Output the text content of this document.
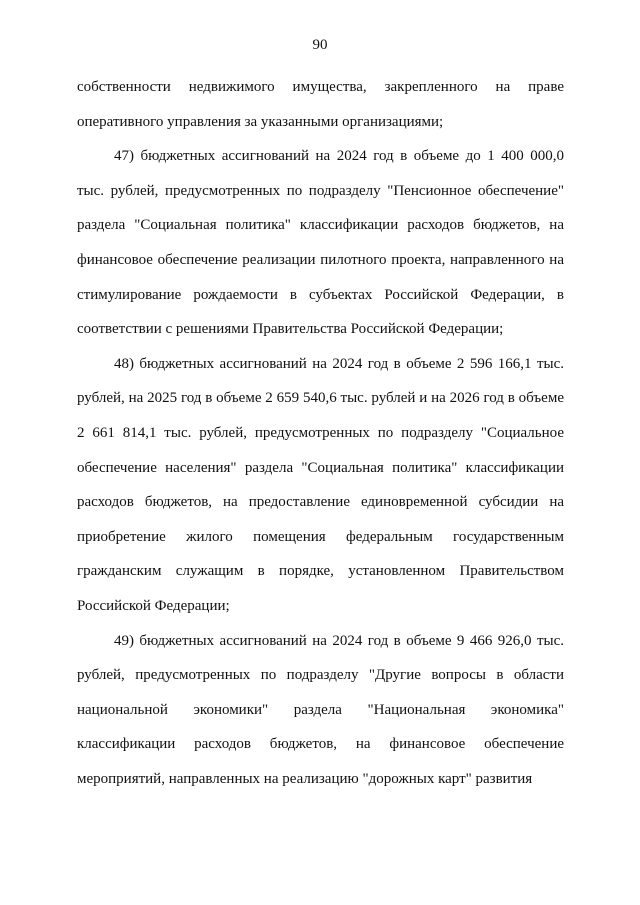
90

собственности недвижимого имущества, закрепленного на праве оперативного управления за указанными организациями;

47) бюджетных ассигнований на 2024 год в объеме до 1 400 000,0 тыс. рублей, предусмотренных по подразделу "Пенсионное обеспечение" раздела "Социальная политика" классификации расходов бюджетов, на финансовое обеспечение реализации пилотного проекта, направленного на стимулирование рождаемости в субъектах Российской Федерации, в соответствии с решениями Правительства Российской Федерации;

48) бюджетных ассигнований на 2024 год в объеме 2 596 166,1 тыс. рублей, на 2025 год в объеме 2 659 540,6 тыс. рублей и на 2026 год в объеме 2 661 814,1 тыс. рублей, предусмотренных по подразделу "Социальное обеспечение населения" раздела "Социальная политика" классификации расходов бюджетов, на предоставление единовременной субсидии на приобретение жилого помещения федеральным государственным гражданским служащим в порядке, установленном Правительством Российской Федерации;

49) бюджетных ассигнований на 2024 год в объеме 9 466 926,0 тыс. рублей, предусмотренных по подразделу "Другие вопросы в области национальной экономики" раздела "Национальная экономика" классификации расходов бюджетов, на финансовое обеспечение мероприятий, направленных на реализацию "дорожных карт" развития
